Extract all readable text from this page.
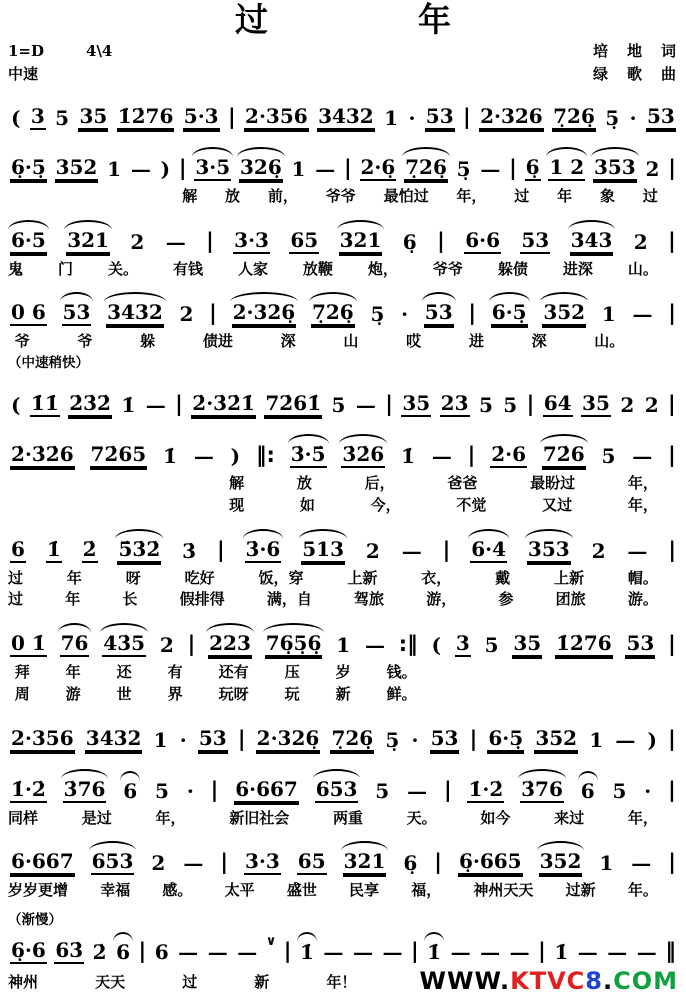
过	年
1=D	4\4	培　地　词
中速	绿　歌　曲
( 3 5 35 1̇2̇76 5·3 | 2·356 3432 1 · 53 | 2·326 7̣26̣ 5̣ · 53
6̣·5̣ 352 1 — ) | 3·5 326̣ 1 — | 2·6̣ 7̣26̣ 5̣ — | 6̣ 1 2 353 2 |
解 放 前， 爷爷 最怕过 年， 过 年 象 过
6·5 321 2 — | 3·3 65 321 6̣ | 6·6 53 343 2 |
鬼 门 关。 有钱 人家 放鞭 炮， 爷爷 躲债 进深 山。
0 6 53 3432 2 | 2·326̣ 7̣26̣ 5̣ · 53 | 6·5̣ 352 1 — |
爷	爷	躲	债进	深	山	哎	进	深	山。
（中速稍快）
( 1̇1̇ 2̇3̇2̇ 1̇ — | 2̇·3̇2̇1̇ 72̇61̇ 5 — | 35 23 5 5 | 64 35 2 2 |
2̇·3̇2̇6 72̇65 1̇ — ) ‖: 3̇·5̇ 3̇2̇6 1̇ — | 2̇·6 72̇6 5 — |
解	放	后，	爸爸	最盼过	年，
现	如	今，	不觉	又过	年，
6 1̇ 2̇ 5̇3̇2̇ 3̇ | 3̇·6 513 2 — | 6·4 353 2 — |
过	年	呀	吃好	饭，穿	上新	衣，	戴	上新	帽。
过	年	长	假排得	满，自	驾旅	游，	参	团旅	游。
0 1̇ 76 43̇5 2 | 223 76̣5̣6̣ 1 — :‖ ( 3 5 35 1̇2̇76 53 |
拜 年 还 有 还有 压 岁 钱。
周 游 世 界 玩呀 玩 新 鲜。
2·356 3432 1 · 53 | 2·326̣ 7̣26̣ 5̣ · 53 | 6·5̣ 352 1 — ) |
1̇·2̇ 3̇76 6 5 · | 6·667 653 5 — | 1̇·2̇ 3̇76 6 5 · |
同样	是过	年，	新旧社会	两重	天。	如今	来过	年，
6·667 653 2 — | 3·3 65 321 6̣ | 6̣·665 352 1 — |
岁岁更增 幸福 感。 太平 盛世 民享 福， 神州天天 过新 年。
（渐慢）
6̣·6 63̇ 2̇ 6 | 6 — — — ∨ | 1̇ — — — | 1̇ — — — | 1̇ — — — ‖
神州	天天	过	新	年！	WWW.KTVC8.COM
